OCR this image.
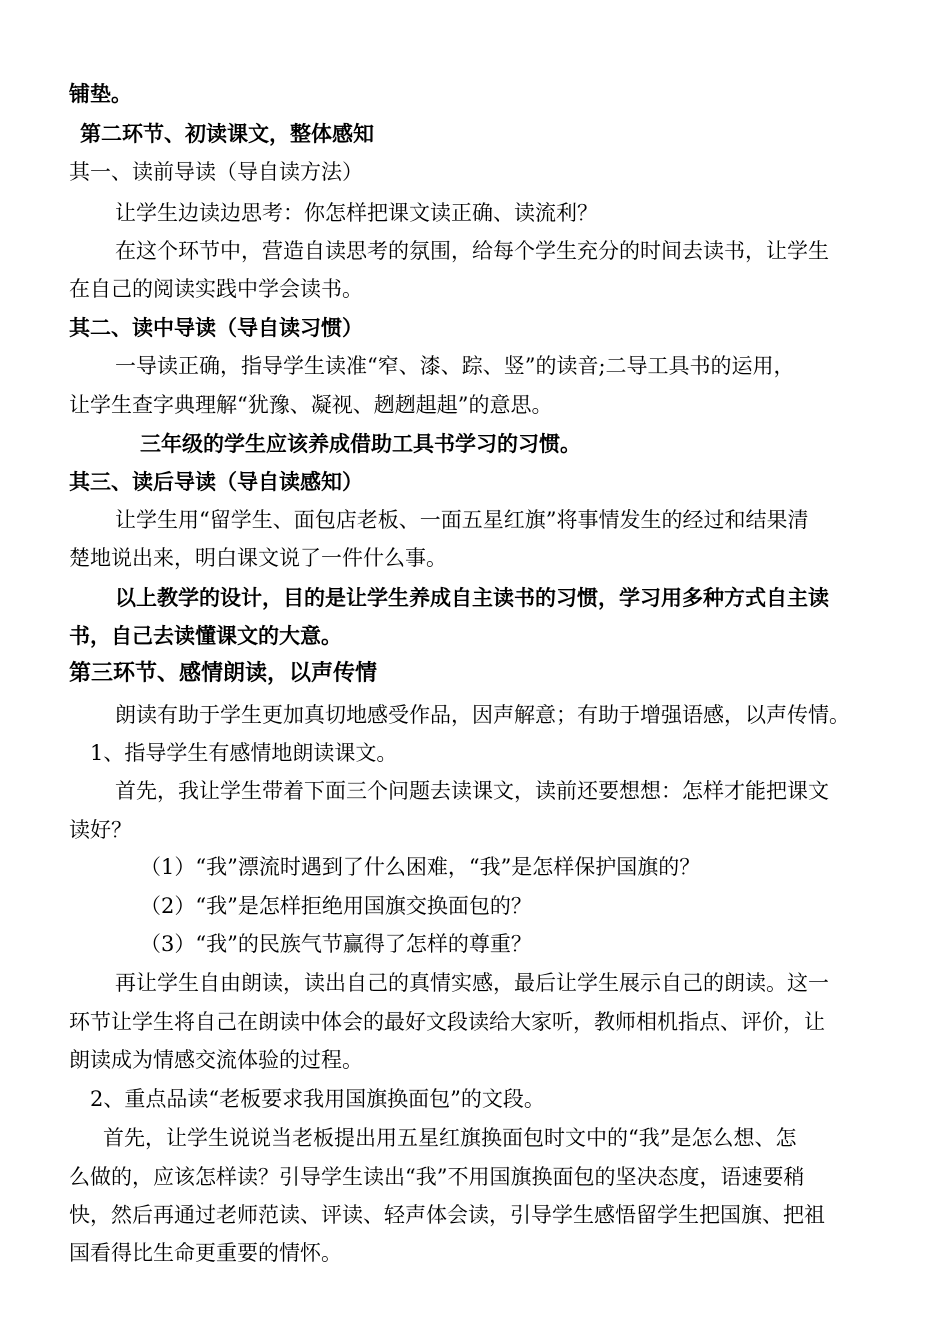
铺垫。
第二环节、初读课文，整体感知
其一、读前导读（导自读方法）
让学生边读边思考：你怎样把课文读正确、读流利？
在这个环节中，营造自读思考的氛围，给每个学生充分的时间去读书，让学生
在自己的阅读实践中学会读书。
其二、读中导读（导自读习惯）
一导读正确，指导学生读准“窄、漆、踪、竖”的读音;二导工具书的运用，
让学生查字典理解“犹豫、凝视、趔趔趄趄”的意思。
三年级的学生应该养成借助工具书学习的习惯。
其三、读后导读（导自读感知）
让学生用“留学生、面包店老板、一面五星红旗”将事情发生的经过和结果清
楚地说出来，明白课文说了一件什么事。
以上教学的设计，目的是让学生养成自主读书的习惯，学习用多种方式自主读
书，自己去读懂课文的大意。
第三环节、感情朗读，以声传情
朗读有助于学生更加真切地感受作品，因声解意；有助于增强语感，以声传情。
1、指导学生有感情地朗读课文。
首先，我让学生带着下面三个问题去读课文，读前还要想想：怎样才能把课文
读好？
（1）“我”漂流时遇到了什么困难，“我”是怎样保护国旗的？
（2）“我”是怎样拒绝用国旗交换面包的？
（3）“我”的民族气节赢得了怎样的尊重？
再让学生自由朗读，读出自己的真情实感，最后让学生展示自己的朗读。这一
环节让学生将自己在朗读中体会的最好文段读给大家听，教师相机指点、评价，让
朗读成为情感交流体验的过程。
2、重点品读“老板要求我用国旗换面包”的文段。
首先，让学生说说当老板提出用五星红旗换面包时文中的“我”是怎么想、怎
么做的，应该怎样读？引导学生读出“我”不用国旗换面包的坚决态度，语速要稍
快，然后再通过老师范读、评读、轻声体会读，引导学生感悟留学生把国旗、把祖
国看得比生命更重要的情怀。
